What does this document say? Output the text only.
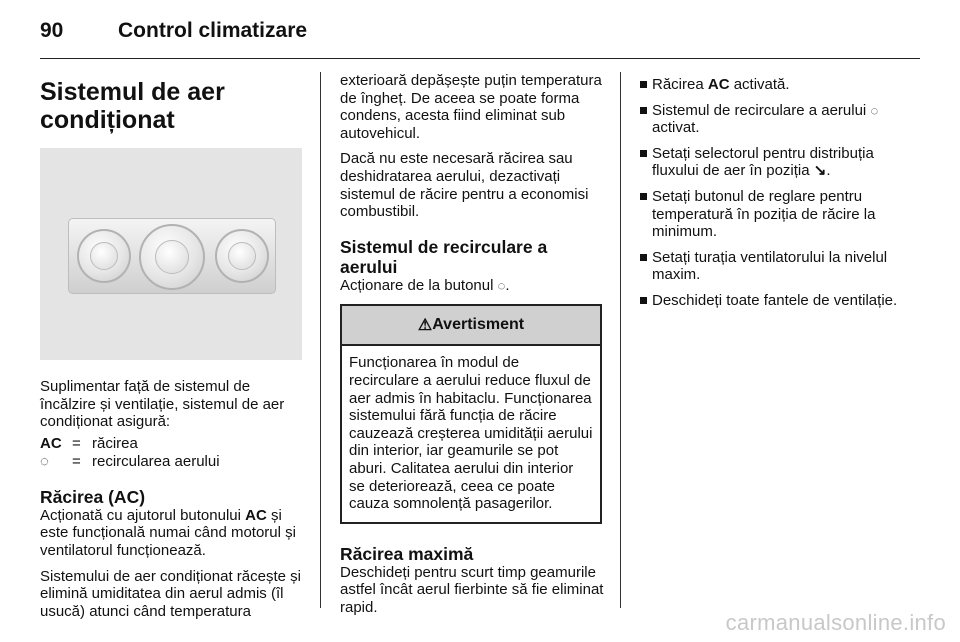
90	Control climatizare
Sistemul de aer
condiționat

Suplimentar față de sistemul de încălzire și ventilație, sistemul de aer condiționat asigură:

AC = răcirea
◌	= recircularea aerului
Răcirea (AC)

Acționată cu ajutorul butonului AC și este funcțională numai când motorul și ventilatorul funcționează.

Sistemului de aer condiționat răcește și elimină umiditatea din aerul admis (îl usucă) atunci când temperatura

exterioară depășește puțin temperatura de îngheț. De aceea se poate forma condens, acesta fiind eliminat sub autovehicul.

Dacă nu este necesară răcirea sau deshidratarea aerului, dezactivați sistemul de răcire pentru a economisi combustibil.

Sistemul de recirculare a aerului

Acționare de la butonul ◌.

⚠ Avertisment
Funcționarea în modul de recirculare a aerului reduce fluxul de aer admis în habitaclu. Funcționarea sistemului fără funcția de răcire cauzează creșterea umidității aerului din interior, iar geamurile se pot aburi. Calitatea aerului din interior se deteriorează, ceea ce poate cauza somnolență pasagerilor.
Răcirea maximă

Deschideți pentru scurt timp geamurile astfel încât aerul fierbinte să fie eliminat rapid.

Răcirea AC activată.
Sistemul de recirculare a aerului ◌ activat.
Setați selectorul pentru distribuția fluxului de aer în poziția ↘.
Setați butonul de reglare pentru temperatură în poziția de răcire la minimum.
Setați turația ventilatorului la nivelul maxim.
Deschideți toate fantele de ventilație.
carmanualsonline.info
